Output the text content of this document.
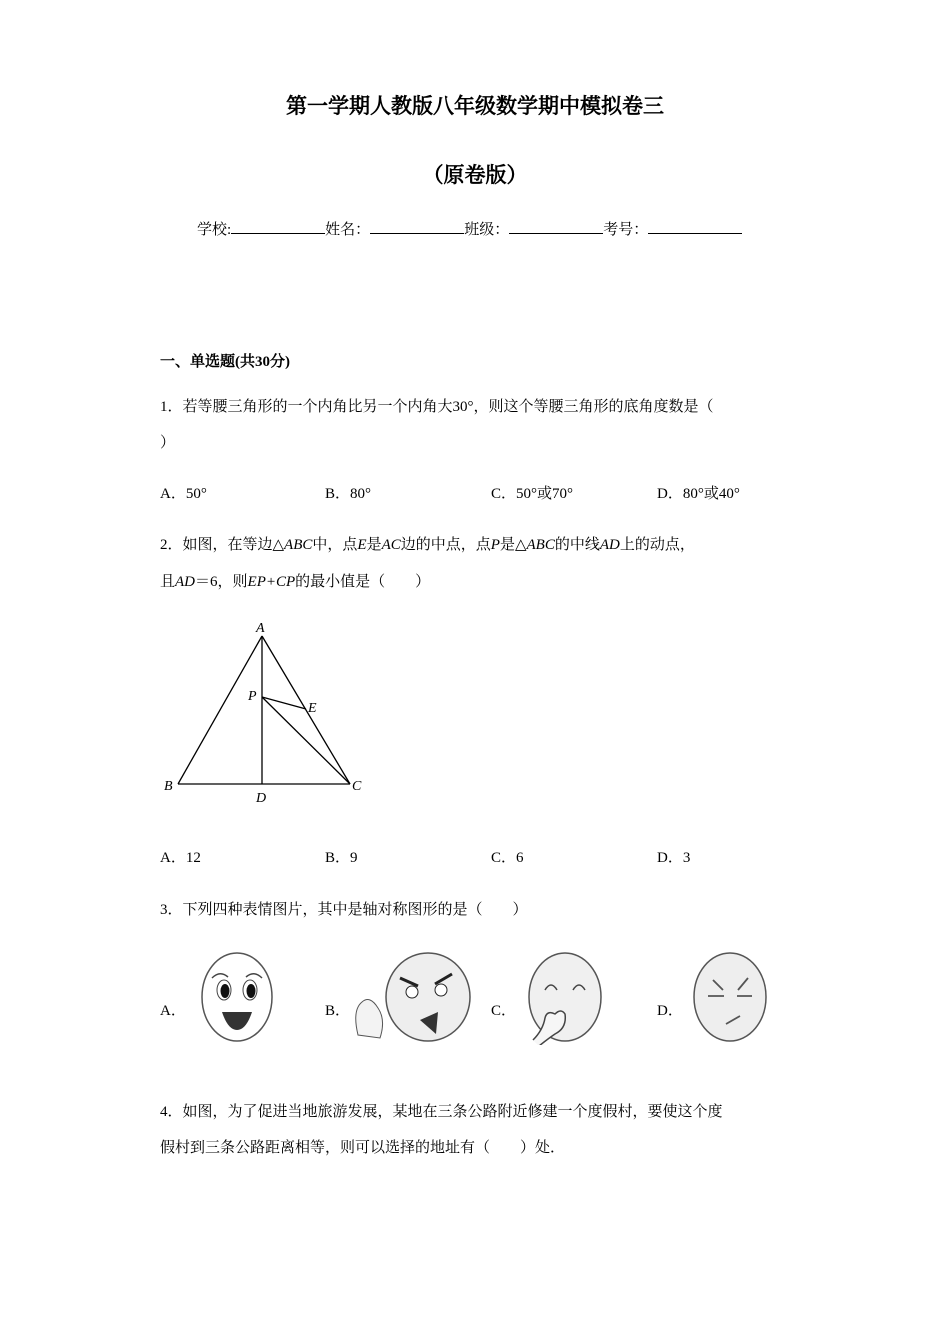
第一学期人教版八年级数学期中模拟卷三
（原卷版）
学校:	姓名：	班级：	考号：
一、单选题(共30分)
1．若等腰三角形的一个内角比另一个内角大30°，则这个等腰三角形的底角度数是（
）
A．50°	B．80°	C．50°或70°	D．80°或40°
2．如图，在等边△ABC中，点E是AC边的中点，点P是△ABC的中线AD上的动点，
且AD＝6，则EP+CP的最小值是（　　）
A
B	C
D
P
E
A．12	B．9	C．6	D．3
3．下列四种表情图片，其中是轴对称图形的是（　　）
A．	B．	C．	D．
4．如图，为了促进当地旅游发展，某地在三条公路附近修建一个度假村，要使这个度
假村到三条公路距离相等，则可以选择的地址有（　　）处．
